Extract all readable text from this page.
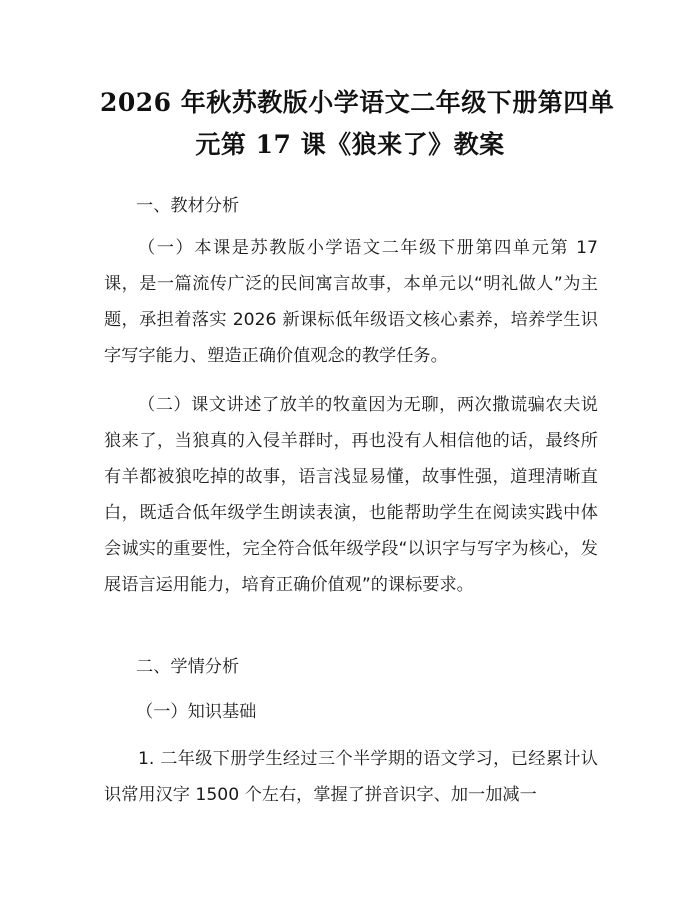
2026 年秋苏教版小学语文二年级下册第四单
元第 17 课《狼来了》教案
一、教材分析

（一）本课是苏教版小学语文二年级下册第四单元第 17 课，是一篇流传广泛的民间寓言故事，本单元以“明礼做人”为主题，承担着落实 2026 新课标低年级语文核心素养，培养学生识字写字能力、塑造正确价值观念的教学任务。

（二）课文讲述了放羊的牧童因为无聊，两次撒谎骗农夫说狼来了，当狼真的入侵羊群时，再也没有人相信他的话，最终所有羊都被狼吃掉的故事，语言浅显易懂，故事性强，道理清晰直白，既适合低年级学生朗读表演，也能帮助学生在阅读实践中体会诚实的重要性，完全符合低年级学段“以识字与写字为核心，发展语言运用能力，培育正确价值观”的课标要求。

二、学情分析
（一）知识基础

1. 二年级下册学生经过三个半学期的语文学习，已经累计认识常用汉字 1500 个左右，掌握了拼音识字、加一加减一
